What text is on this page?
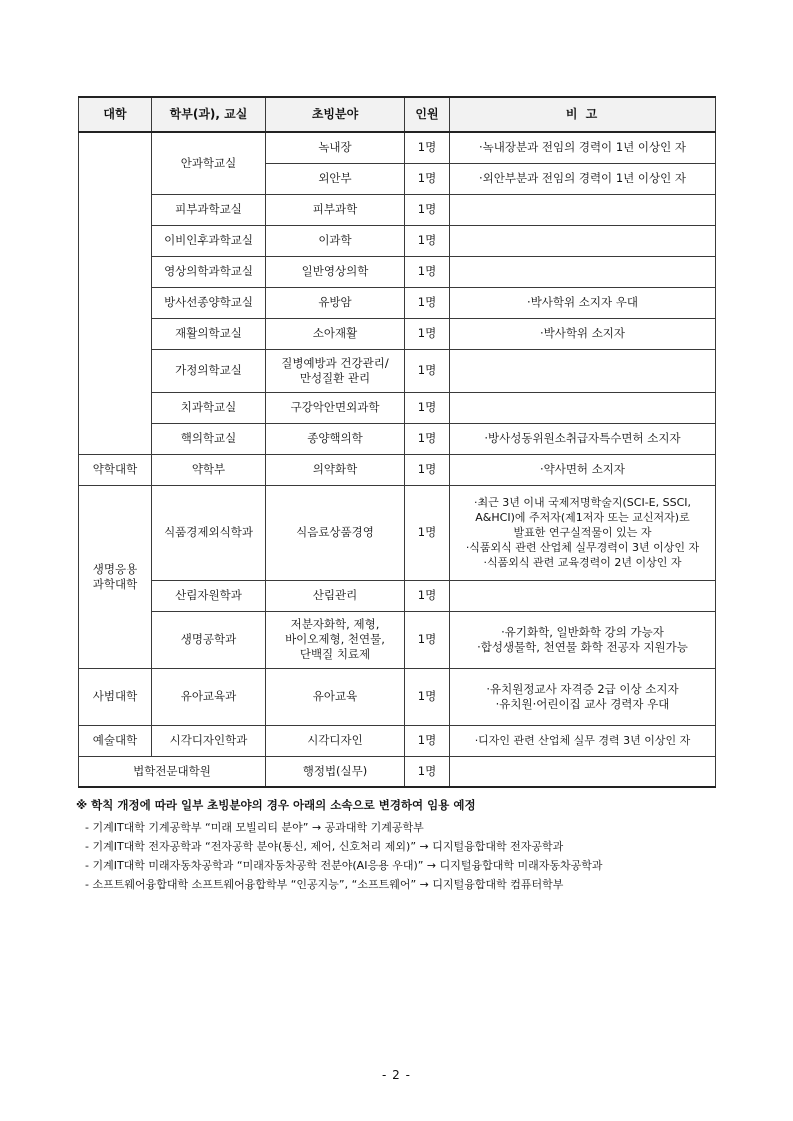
대학	학부(과), 교실	초빙분야	인원	비 고
	안과학교실	녹내장	1명	·녹내장분과 전임의 경력이 1년 이상인 자
		외안부	1명	·외안부분과 전임의 경력이 1년 이상인 자
	피부과학교실	피부과학	1명	
	이비인후과학교실	이과학	1명	
	영상의학과학교실	일반영상의학	1명	
	방사선종양학교실	유방암	1명	·박사학위 소지자 우대
	재활의학교실	소아재활	1명	·박사학위 소지자
	가정의학교실	질병예방과 건강관리/
만성질환 관리	1명	
	치과학교실	구강악안면외과학	1명	
	핵의학교실	종양핵의학	1명	·방사성동위원소취급자특수면허 소지자
약학대학	약학부	의약화학	1명	·약사면허 소지자
생명응용
과학대학	식품경제외식학과	식음료상품경영	1명	·최근 3년 이내 국제저명학술지(SCI-E, SSCI,
A&HCI)에 주저자(제1저자 또는 교신저자)로
발표한 연구실적물이 있는 자
·식품외식 관련 산업체 실무경력이 3년 이상인 자
·식품외식 관련 교육경력이 2년 이상인 자
	산림자원학과	산림관리	1명	
	생명공학과	저분자화학, 제형,
바이오제형, 천연물,
단백질 치료제	1명	·유기화학, 일반화학 강의 가능자
·합성생물학, 천연물 화학 전공자 지원가능
사범대학	유아교육과	유아교육	1명	·유치원정교사 자격증 2급 이상 소지자
·유치원·어린이집 교사 경력자 우대
예술대학	시각디자인학과	시각디자인	1명	·디자인 관련 산업체 실무 경력 3년 이상인 자
법학전문대학원		행정법(실무)	1명	
※ 학칙 개정에 따라 일부 초빙분야의 경우 아래의 소속으로 변경하여 임용 예정
- 기계IT대학 기계공학부 “미래 모빌리티 분야” → 공과대학 기계공학부
- 기계IT대학 전자공학과 “전자공학 분야(통신, 제어, 신호처리 제외)” → 디지털융합대학 전자공학과
- 기계IT대학 미래자동차공학과 “미래자동차공학 전분야(AI응용 우대)” → 디지털융합대학 미래자동차공학과
- 소프트웨어융합대학 소프트웨어융합학부 “인공지능”, “소프트웨어” → 디지털융합대학 컴퓨터학부
- 2 -
